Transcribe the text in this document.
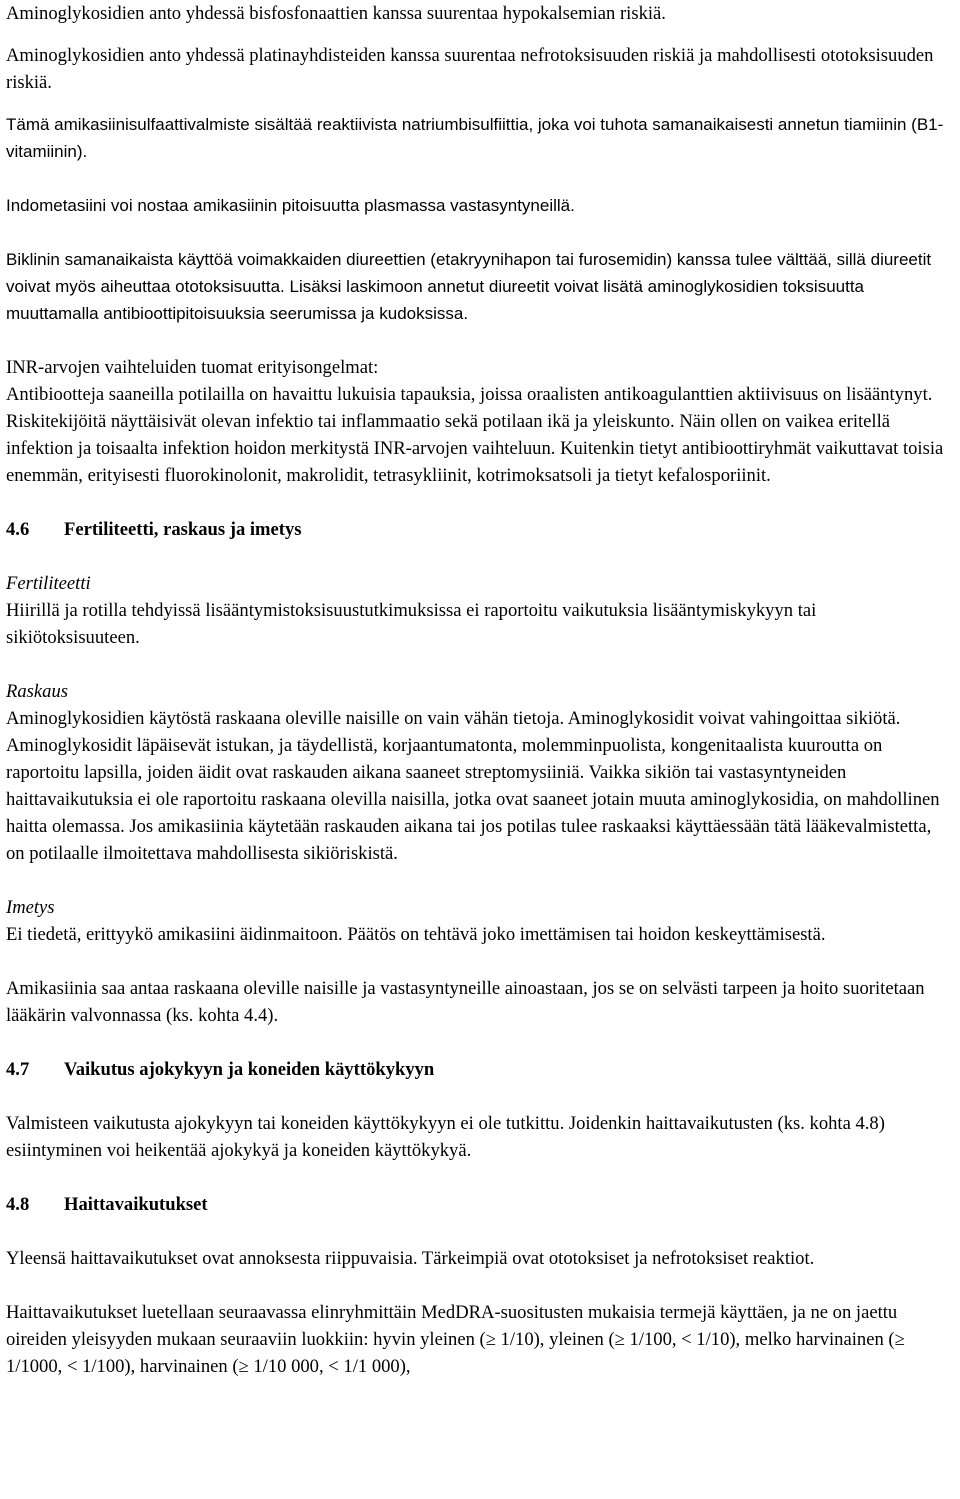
Aminoglykosidien anto yhdessä bisfosfonaattien kanssa suurentaa hypokalsemian riskiä.

Aminoglykosidien anto yhdessä platinayhdisteiden kanssa suurentaa nefrotoksisuuden riskiä ja mahdollisesti ototoksisuuden riskiä.

Tämä amikasiinisulfaattivalmiste sisältää reaktiivista natriumbisulfiittia, joka voi tuhota samanaikaisesti annetun tiamiinin (B1-vitamiinin).

Indometasiini voi nostaa amikasiinin pitoisuutta plasmassa vastasyntyneillä.

Biklinin samanaikaista käyttöä voimakkaiden diureettien (etakryynihapon tai furosemidin) kanssa tulee välttää, sillä diureetit voivat myös aiheuttaa ototoksisuutta. Lisäksi laskimoon annetut diureetit voivat lisätä aminoglykosidien toksisuutta muuttamalla antibioottipitoisuuksia seerumissa ja kudoksissa.

INR-arvojen vaihteluiden tuomat erityisongelmat:

Antibiootteja saaneilla potilailla on havaittu lukuisia tapauksia, joissa oraalisten antikoagulanttien aktiivisuus on lisääntynyt. Riskitekijöitä näyttäisivät olevan infektio tai inflammaatio sekä potilaan ikä ja yleiskunto. Näin ollen on vaikea eritellä infektion ja toisaalta infektion hoidon merkitystä INR-arvojen vaihteluun. Kuitenkin tietyt antibioottiryhmät vaikuttavat toisia enemmän, erityisesti fluorokinolonit, makrolidit, tetrasykliinit, kotrimoksatsoli ja tietyt kefalosporiinit.

4.6 Fertiliteetti, raskaus ja imetys

Fertiliteetti

Hiirillä ja rotilla tehdyissä lisääntymistoksisuustutkimuksissa ei raportoitu vaikutuksia lisääntymiskykyyn tai sikiötoksisuuteen.

Raskaus

Aminoglykosidien käytöstä raskaana oleville naisille on vain vähän tietoja. Aminoglykosidit voivat vahingoittaa sikiötä. Aminoglykosidit läpäisevät istukan, ja täydellistä, korjaantumatonta, molemminpuolista, kongenitaalista kuuroutta on raportoitu lapsilla, joiden äidit ovat raskauden aikana saaneet streptomysiiniä. Vaikka sikiön tai vastasyntyneiden haittavaikutuksia ei ole raportoitu raskaana olevilla naisilla, jotka ovat saaneet jotain muuta aminoglykosidia, on mahdollinen haitta olemassa. Jos amikasiinia käytetään raskauden aikana tai jos potilas tulee raskaaksi käyttäessään tätä lääkevalmistetta, on potilaalle ilmoitettava mahdollisesta sikiöriskistä.

Imetys

Ei tiedetä, erittyykö amikasiini äidinmaitoon. Päätös on tehtävä joko imettämisen tai hoidon keskeyttämisestä.

Amikasiinia saa antaa raskaana oleville naisille ja vastasyntyneille ainoastaan, jos se on selvästi tarpeen ja hoito suoritetaan lääkärin valvonnassa (ks. kohta 4.4).

4.7 Vaikutus ajokykyyn ja koneiden käyttökykyyn

Valmisteen vaikutusta ajokykyyn tai koneiden käyttökykyyn ei ole tutkittu. Joidenkin haittavaikutusten (ks. kohta 4.8) esiintyminen voi heikentää ajokykyä ja koneiden käyttökykyä.

4.8 Haittavaikutukset

Yleensä haittavaikutukset ovat annoksesta riippuvaisia. Tärkeimpiä ovat ototoksiset ja nefrotoksiset reaktiot.

Haittavaikutukset luetellaan seuraavassa elinryhmittäin MedDRA-suositusten mukaisia termejä käyttäen, ja ne on jaettu oireiden yleisyyden mukaan seuraaviin luokkiin: hyvin yleinen (≥ 1/10), yleinen (≥ 1/100, < 1/10), melko harvinainen (≥ 1/1000, < 1/100), harvinainen (≥ 1/10 000, < 1/1 000),
